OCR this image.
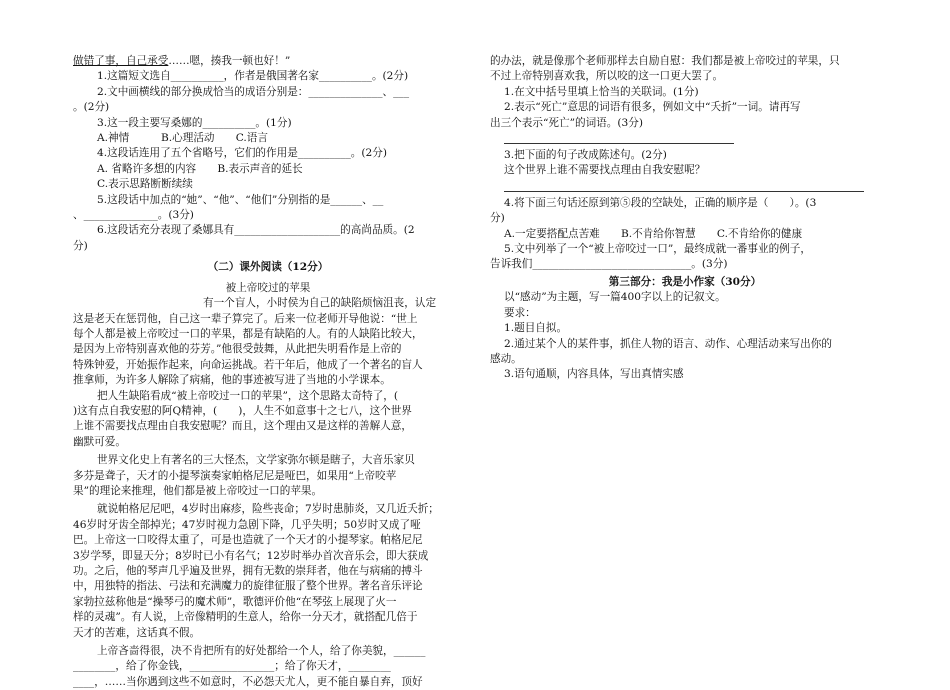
做错了事，自己承受……嗯，揍我一顿也好！”
1.这篇短文选自__________，作者是俄国著名家__________。(2分)
2.文中画横线的部分换成恰当的成语分别是：______________、___
。(2分)
3.这一段主要写桑娜的__________。(1分)
A.神情　　　B.心理活动　　C.语言
4.这段话连用了五个省略号，它们的作用是__________。(2分)
A. 省略许多想的内容　　B.表示声音的延长
C.表示思路断断续续
5.这段话中加点的“她”、“他”、“他们”分别指的是______、__
、______________。(3分)
6.这段话充分表现了桑娜具有____________________的高尚品质。(2
分)
（二）课外阅读（12分）
被上帝咬过的苹果
有一个盲人，小时侯为自己的缺陷烦恼沮丧，认定
这是老天在惩罚他，自己这一辈子算完了。后来一位老师开导他说：“世上
每个人都是被上帝咬过一口的苹果，都是有缺陷的人。有的人缺陷比较大，
是因为上帝特别喜欢他的芬芳。”他很受鼓舞，从此把失明看作是上帝的
特殊钟爱，开始振作起来，向命运挑战。若干年后，他成了一个著名的盲人
推拿师，为许多人解除了病痛，他的事迹被写进了当地的小学课本。
把人生缺陷看成“被上帝咬过一口的苹果”，这个思路太奇特了，(
)这有点自我安慰的阿Q精神，(　　)，人生不如意事十之七八，这个世界
上谁不需要找点理由自我安慰呢？而且，这个理由又是这样的善解人意，
幽默可爱。
世界文化史上有著名的三大怪杰，文学家弥尔顿是瞎子，大音乐家贝
多芬是聋子，天才的小提琴演奏家帕格尼尼是哑巴，如果用“上帝咬苹
果”的理论来推理，他们都是被上帝咬过一口的苹果。
就说帕格尼尼吧，4岁时出麻疹，险些丧命；7岁时患肺炎，又几近夭折；
46岁时牙齿全部掉光；47岁时视力急剧下降，几乎失明；50岁时又成了哑
巴。上帝这一口咬得太重了，可是也造就了一个天才的小提琴家。帕格尼尼
3岁学琴，即显天分；8岁时已小有名气；12岁时举办首次音乐会，即大获成
功。之后，他的琴声几乎遍及世界，拥有无数的崇拜者，他在与病痛的搏斗
中，用独特的指法、弓法和充满魔力的旋律征服了整个世界。著名音乐评论
家勃拉兹称他是“操琴弓的魔术师”，歌德评价他“在琴弦上展现了火一
样的灵魂”。有人说，上帝像精明的生意人，给你一分天才，就搭配几倍于
天才的苦难，这话真不假。
上帝吝啬得很，决不肯把所有的好处都给一个人，给了你美貌，______
________，给了你金钱，________________；给了你天才，________
____，……当你遇到这些不如意时，不必怨天尤人，更不能自暴自弃，顶好
的办法，就是像那个老师那样去自励自慰：我们都是被上帝咬过的苹果，只
不过上帝特别喜欢我，所以咬的这一口更大罢了。
1.在文中括号里填上恰当的关联词。(1分)
2.表示“死亡”意思的词语有很多，例如文中“夭折”一词。请再写
出三个表示“死亡”的词语。(3分)
3.把下面的句子改成陈述句。(2分)
这个世界上谁不需要找点理由自我安慰呢？
4.将下面三句话还原到第⑤段的空缺处，正确的顺序是（　　）。(3
分)
A.一定要搭配点苦难　　B.不肯给你智慧　　C.不肯给你的健康
5.文中列举了一个“被上帝咬过一口”，最终成就一番事业的例子，
告诉我们______________________________。(3分)
第三部分：我是小作家（30分）
以“感动”为主题，写一篇400字以上的记叙文。
要求：
1.题目自拟。
2.通过某个人的某件事，抓住人物的语言、动作、心理活动来写出你的
感动。
3.语句通顺，内容具体，写出真情实感
